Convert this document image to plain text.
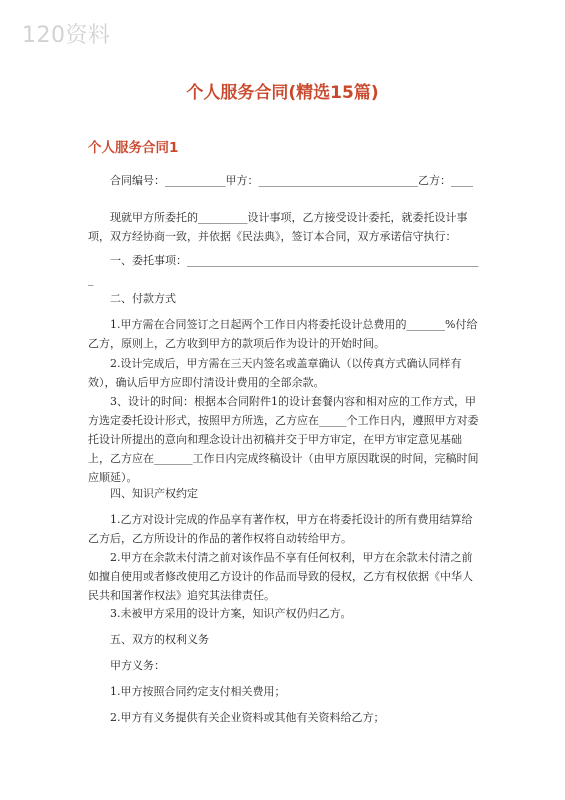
120资料
个人服务合同(精选15篇)
个人服务合同1

　　合同编号：___________甲方：_____________________________乙方：____

　　现就甲方所委托的_________设计事项，乙方接受设计委托，就委托设计事项，双方经协商一致，并依据《民法典》，签订本合同，双方承诺信守执行：

　　一、委托事项：______________________________________________________

　　二、付款方式

　　1.甲方需在合同签订之日起两个工作日内将委托设计总费用的_______%付给乙方，原则上，乙方收到甲方的款项后作为设计的开始时间。

　　2.设计完成后，甲方需在三天内签名或盖章确认（以传真方式确认同样有效），确认后甲方应即付清设计费用的全部余款。

　　3、设计的时间：根据本合同附件1的设计套餐内容和相对应的工作方式，甲方选定委托设计形式，按照甲方所选，乙方应在_____个工作日内，遵照甲方对委托设计所提出的意向和理念设计出初稿并交于甲方审定，在甲方审定意见基础上，乙方应在_______工作日内完成终稿设计（由甲方原因耽误的时间，完稿时间应顺延）。

　　四、知识产权约定

　　1.乙方对设计完成的作品享有著作权，甲方在将委托设计的所有费用结算给乙方后，乙方所设计的作品的著作权将自动转给甲方。

　　2.甲方在余款未付清之前对该作品不享有任何权利，甲方在余款未付清之前如擅自使用或者修改使用乙方设计的作品而导致的侵权，乙方有权依据《中华人民共和国著作权法》追究其法律责任。

　　3.未被甲方采用的设计方案，知识产权仍归乙方。

　　五、双方的权利义务

　　甲方义务：

　　1.甲方按照合同约定支付相关费用；

　　2.甲方有义务提供有关企业资料或其他有关资料给乙方；
